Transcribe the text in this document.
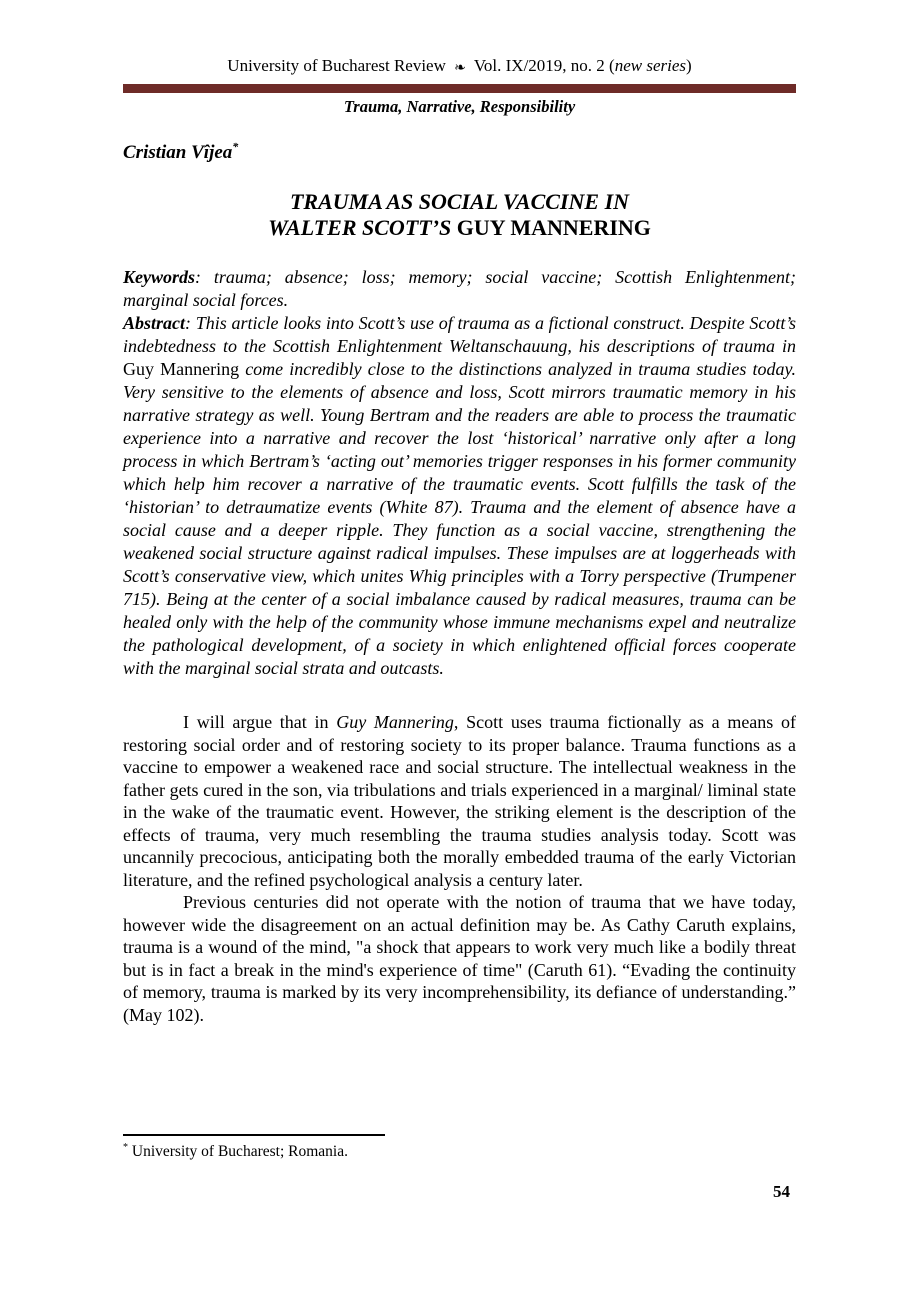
University of Bucharest Review ❧ Vol. IX/2019, no. 2 (new series)
Trauma, Narrative, Responsibility
Cristian Vîjea*
TRAUMA AS SOCIAL VACCINE IN
WALTER SCOTT’S GUY MANNERING

Keywords: trauma; absence; loss; memory; social vaccine; Scottish Enlightenment; marginal social forces.

Abstract: This article looks into Scott’s use of trauma as a fictional construct. Despite Scott’s indebtedness to the Scottish Enlightenment Weltanschauung, his descriptions of trauma in Guy Mannering come incredibly close to the distinctions analyzed in trauma studies today. Very sensitive to the elements of absence and loss, Scott mirrors traumatic memory in his narrative strategy as well. Young Bertram and the readers are able to process the traumatic experience into a narrative and recover the lost ‘historical’ narrative only after a long process in which Bertram’s ‘acting out’ memories trigger responses in his former community which help him recover a narrative of the traumatic events. Scott fulfills the task of the ‘historian’ to detraumatize events (White 87). Trauma and the element of absence have a social cause and a deeper ripple. They function as a social vaccine, strengthening the weakened social structure against radical impulses. These impulses are at loggerheads with Scott’s conservative view, which unites Whig principles with a Torry perspective (Trumpener 715). Being at the center of a social imbalance caused by radical measures, trauma can be healed only with the help of the community whose immune mechanisms expel and neutralize the pathological development, of a society in which enlightened official forces cooperate with the marginal social strata and outcasts.

I will argue that in Guy Mannering, Scott uses trauma fictionally as a means of restoring social order and of restoring society to its proper balance. Trauma functions as a vaccine to empower a weakened race and social structure. The intellectual weakness in the father gets cured in the son, via tribulations and trials experienced in a marginal/ liminal state in the wake of the traumatic event. However, the striking element is the description of the effects of trauma, very much resembling the trauma studies analysis today. Scott was uncannily precocious, anticipating both the morally embedded trauma of the early Victorian literature, and the refined psychological analysis a century later.

Previous centuries did not operate with the notion of trauma that we have today, however wide the disagreement on an actual definition may be. As Cathy Caruth explains, trauma is a wound of the mind, "a shock that appears to work very much like a bodily threat but is in fact a break in the mind's experience of time" (Caruth 61). “Evading the continuity of memory, trauma is marked by its very incomprehensibility, its defiance of understanding.” (May 102).

* University of Bucharest; Romania.
54
